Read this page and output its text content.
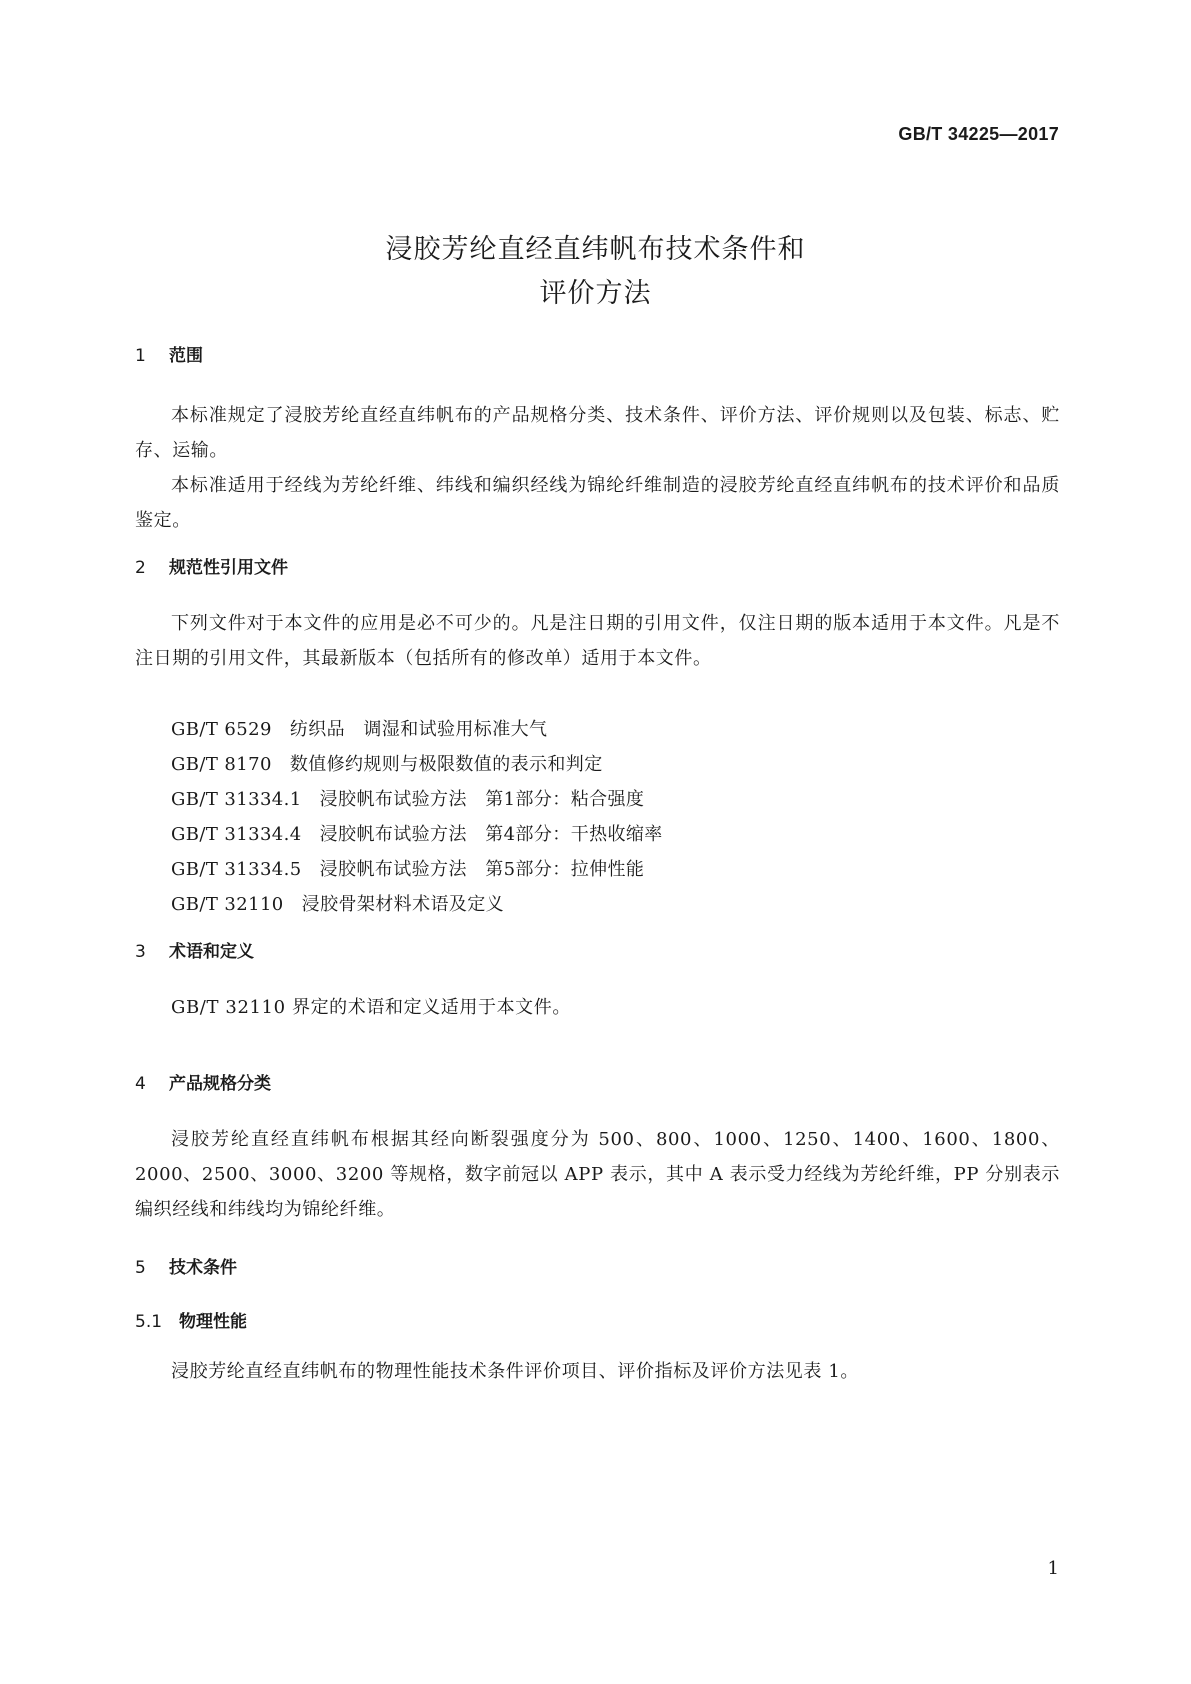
GB/T 34225—2017
浸胶芳纶直经直纬帆布技术条件和
评价方法
1 范围
本标准规定了浸胶芳纶直经直纬帆布的产品规格分类、技术条件、评价方法、评价规则以及包装、标志、贮存、运输。
本标准适用于经线为芳纶纤维、纬线和编织经线为锦纶纤维制造的浸胶芳纶直经直纬帆布的技术评价和品质鉴定。
2 规范性引用文件
下列文件对于本文件的应用是必不可少的。凡是注日期的引用文件，仅注日期的版本适用于本文件。凡是不注日期的引用文件，其最新版本（包括所有的修改单）适用于本文件。
GB/T 6529 纺织品　调湿和试验用标准大气
GB/T 8170 数值修约规则与极限数值的表示和判定
GB/T 31334.1 浸胶帆布试验方法　第1部分：粘合强度
GB/T 31334.4 浸胶帆布试验方法　第4部分：干热收缩率
GB/T 31334.5 浸胶帆布试验方法　第5部分：拉伸性能
GB/T 32110 浸胶骨架材料术语及定义
3 术语和定义
GB/T 32110 界定的术语和定义适用于本文件。
4 产品规格分类
浸胶芳纶直经直纬帆布根据其经向断裂强度分为 500、800、1000、1250、1400、1600、1800、2000、2500、3000、3200 等规格，数字前冠以 APP 表示，其中 A 表示受力经线为芳纶纤维，PP 分别表示编织经线和纬线均为锦纶纤维。
5 技术条件
5.1 物理性能
浸胶芳纶直经直纬帆布的物理性能技术条件评价项目、评价指标及评价方法见表 1。
1
